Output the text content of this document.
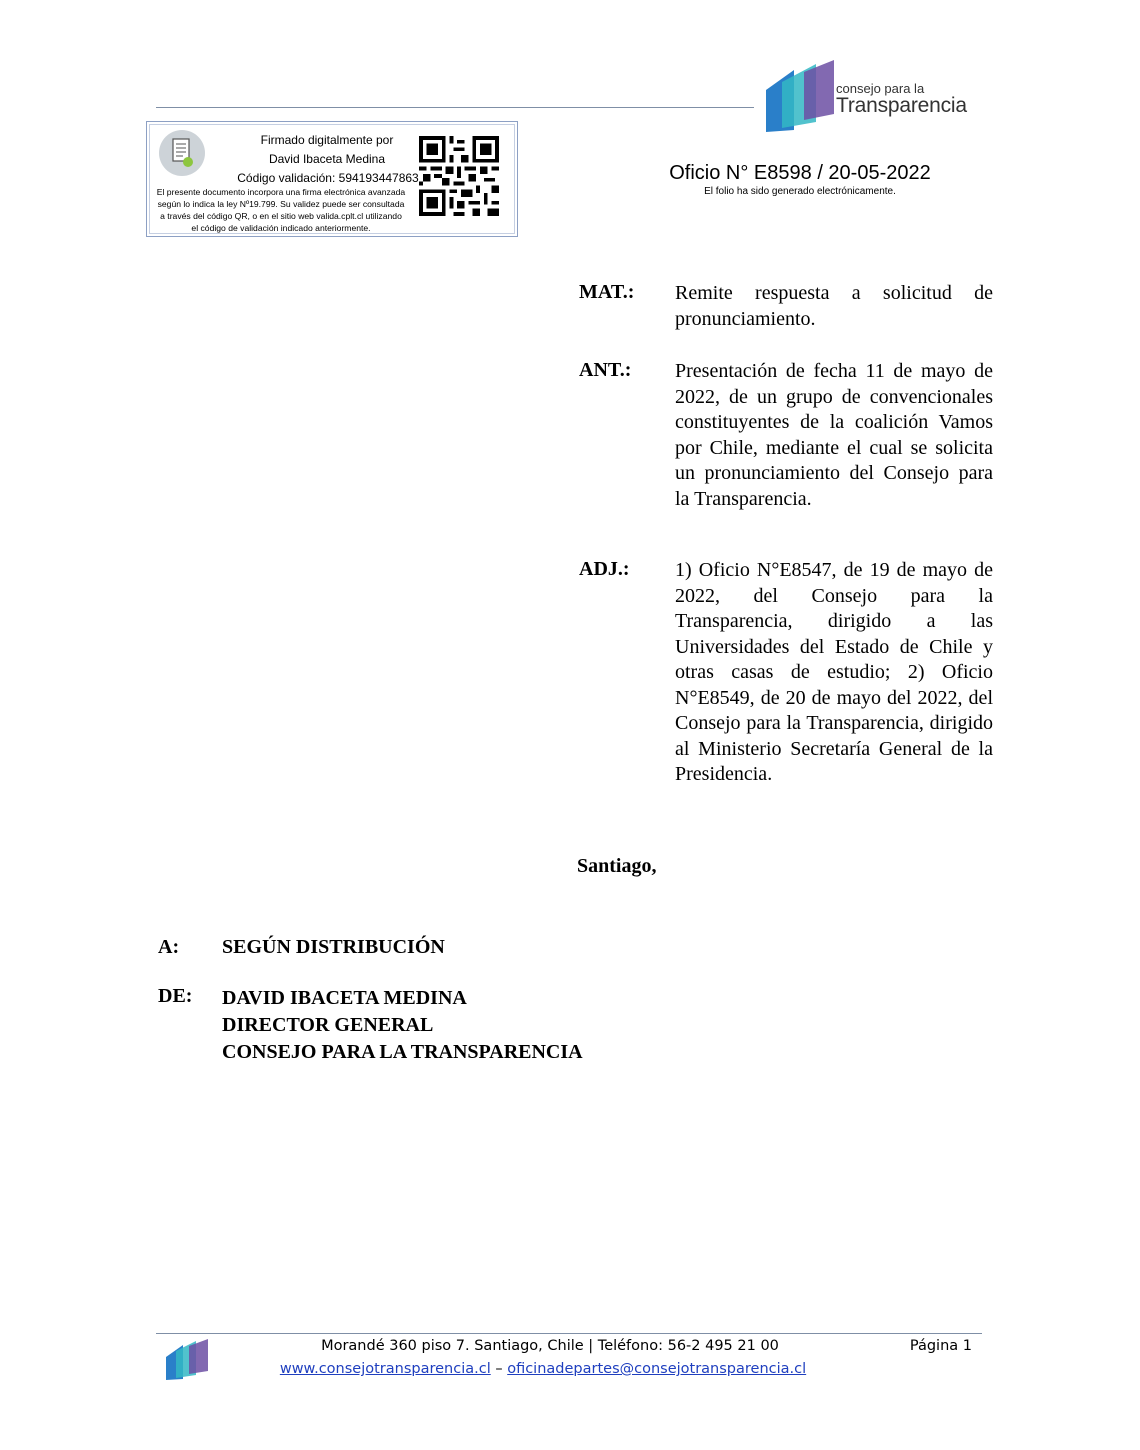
consejo para la
Transparencia
Firmado digitalmente por
David Ibaceta Medina
Código validación: 594193447863
El presente documento incorpora una firma electrónica avanzada
según lo indica la ley Nº19.799. Su validez puede ser consultada
a través del código QR, o en el sitio web valida.cplt.cl utilizando
el código de validación indicado anteriormente.
Oficio N° E8598 / 20-05-2022
El folio ha sido generado electrónicamente.
MAT.: Remite respuesta a solicitud de pronunciamiento.
ANT.: Presentación de fecha 11 de mayo de 2022, de un grupo de convencionales constituyentes de la coalición Vamos por Chile, mediante el cual se solicita un pronunciamiento del Consejo para la Transparencia.
ADJ.: 1) Oficio N°E8547, de 19 de mayo de 2022, del Consejo para la Transparencia, dirigido a las Universidades del Estado de Chile y otras casas de estudio; 2) Oficio N°E8549, de 20 de mayo del 2022, del Consejo para la Transparencia, dirigido al Ministerio Secretaría General de la Presidencia.
Santiago,
A: SEGÚN DISTRIBUCIÓN
DE: DAVID IBACETA MEDINA
DIRECTOR GENERAL
CONSEJO PARA LA TRANSPARENCIA
Morandé 360 piso 7. Santiago, Chile | Teléfono: 56-2 495 21 00	Página 1
www.consejotransparencia.cl – oficinadepartes@consejotransparencia.cl
